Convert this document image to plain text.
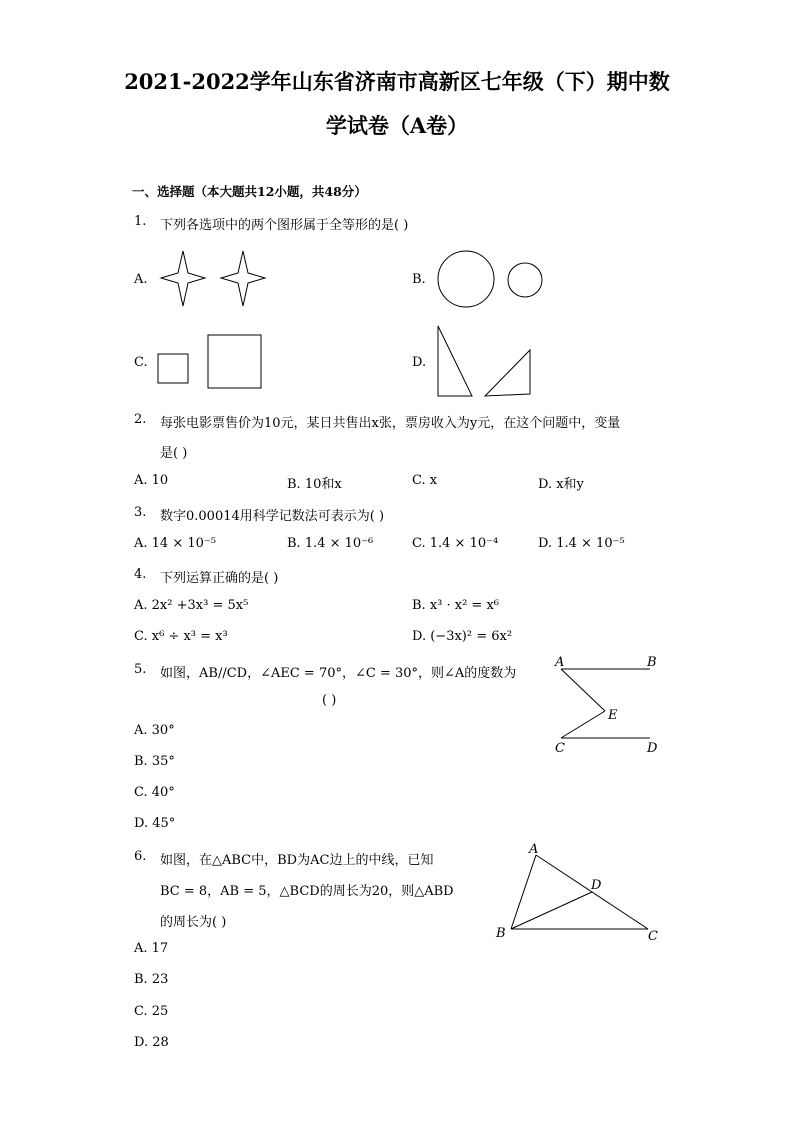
2021-2022学年山东省济南市高新区七年级（下）期中数
学试卷（A卷）
一、选择题（本大题共12小题，共48分）
1. 下列各选项中的两个图形属于全等形的是( )
A.	B.
C.	D.
2. 每张电影票售价为10元，某日共售出x张，票房收入为y元，在这个问题中，变量
是( )
A. 10	B. 10和x	C. x	D. x和y
3. 数字0.00014用科学记数法可表示为( )
A. 14 × 10⁻⁵	B. 1.4 × 10⁻⁶	C. 1.4 × 10⁻⁴	D. 1.4 × 10⁻⁵
4. 下列运算正确的是( )
A. 2x² +3x³ = 5x⁵	B. x³ · x² = x⁶
C. x⁶ ÷ x³ = x³	D. (−3x)² = 6x²
5. 如图，AB//CD，∠AEC = 70°，∠C = 30°，则∠A的度数为
( )
A. 30°
B. 35°
C. 40°
D. 45°
A	B
E
C	D
6. 如图，在△ABC中，BD为AC边上的中线，已知
BC = 8，AB = 5，△BCD的周长为20，则△ABD
的周长为( )
A. 17
B. 23
C. 25
D. 28
A
D
B	C
